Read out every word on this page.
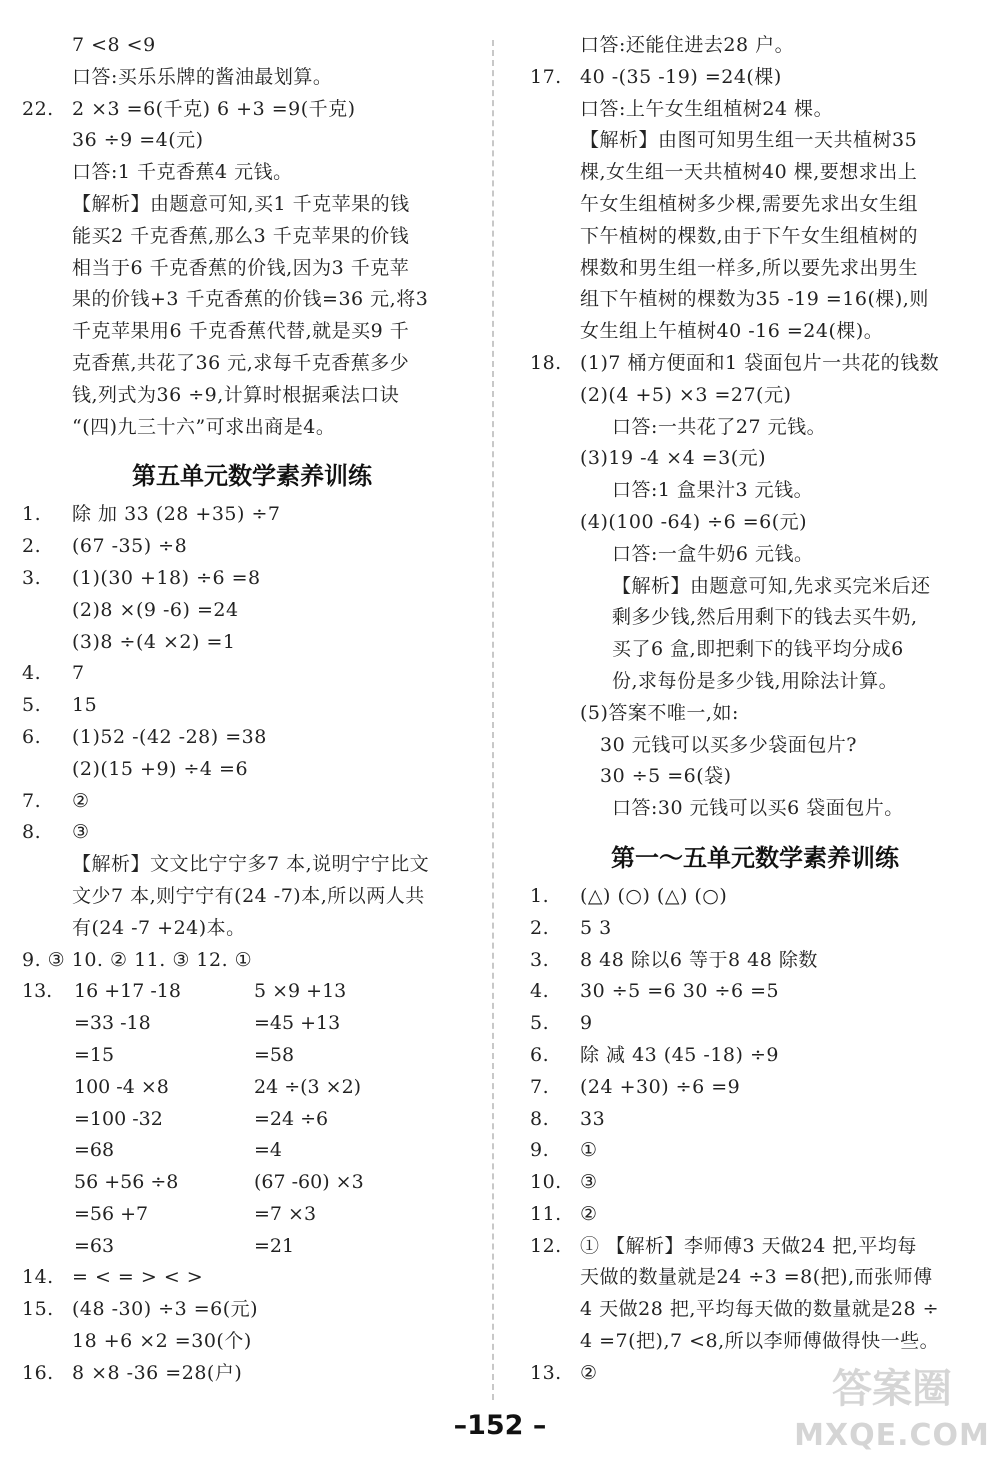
7 <8 <9
口答:买乐乐牌的酱油最划算。
22. 2 ×3 =6(千克) 6 +3 =9(千克)
36 ÷9 =4(元)
口答:1 千克香蕉4 元钱。
【解析】由题意可知,买1 千克苹果的钱
能买2 千克香蕉,那么3 千克苹果的价钱
相当于6 千克香蕉的价钱,因为3 千克苹
果的价钱+3 千克香蕉的价钱=36 元,将3
千克苹果用6 千克香蕉代替,就是买9 千
克香蕉,共花了36 元,求每千克香蕉多少
钱,列式为36 ÷9,计算时根据乘法口诀
“(四)九三十六”可求出商是4。
第五单元数学素养训练
1. 除 加 33 (28 +35) ÷7
2. (67 -35) ÷8
3. (1)(30 +18) ÷6 =8
(2)8 ×(9 -6) =24
(3)8 ÷(4 ×2) =1
4. 7
5. 15
6. (1)52 -(42 -28) =38
(2)(15 +9) ÷4 =6
7. ②
8. ③
【解析】文文比宁宁多7 本,说明宁宁比文
文少7 本,则宁宁有(24 -7)本,所以两人共
有(24 -7 +24)本。
9. ③ 10. ② 11. ③ 12. ①
13. 16 +17 -18	5 ×9 +13
=33 -18	=45 +13
=15	=58
100 -4 ×8	24 ÷(3 ×2)
=100 -32	=24 ÷6
=68	=4
56 +56 ÷8	(67 -60) ×3
=56 +7	=7 ×3
=63	=21
14. = < = > < >
15. (48 -30) ÷3 =6(元)
18 +6 ×2 =30(个)
16. 8 ×8 -36 =28(户)
口答:还能住进去28 户。
17. 40 -(35 -19) =24(棵)
口答:上午女生组植树24 棵。
【解析】由图可知男生组一天共植树35
棵,女生组一天共植树40 棵,要想求出上
午女生组植树多少棵,需要先求出女生组
下午植树的棵数,由于下午女生组植树的
棵数和男生组一样多,所以要先求出男生
组下午植树的棵数为35 -19 =16(棵),则
女生组上午植树40 -16 =24(棵)。
18. (1)7 桶方便面和1 袋面包片一共花的钱数
(2)(4 +5) ×3 =27(元)
口答:一共花了27 元钱。
(3)19 -4 ×4 =3(元)
口答:1 盒果汁3 元钱。
(4)(100 -64) ÷6 =6(元)
口答:一盒牛奶6 元钱。
【解析】由题意可知,先求买完米后还
剩多少钱,然后用剩下的钱去买牛奶,
买了6 盒,即把剩下的钱平均分成6
份,求每份是多少钱,用除法计算。
(5)答案不唯一,如:
30 元钱可以买多少袋面包片?
30 ÷5 =6(袋)
口答:30 元钱可以买6 袋面包片。
第一～五单元数学素养训练
1. (△) (○) (△) (○)
2. 5 3
3. 8 48 除以6 等于8 48 除数
4. 30 ÷5 =6 30 ÷6 =5
5. 9
6. 除 减 43 (45 -18) ÷9
7. (24 +30) ÷6 =9
8. 33
9. ①
10. ③
11. ②
12. ① 【解析】李师傅3 天做24 把,平均每
天做的数量就是24 ÷3 =8(把),而张师傅
4 天做28 把,平均每天做的数量就是28 ÷
4 =7(把),7 <8,所以李师傅做得快一些。
13. ②
–152 –
答案圈
MXQE.COM
